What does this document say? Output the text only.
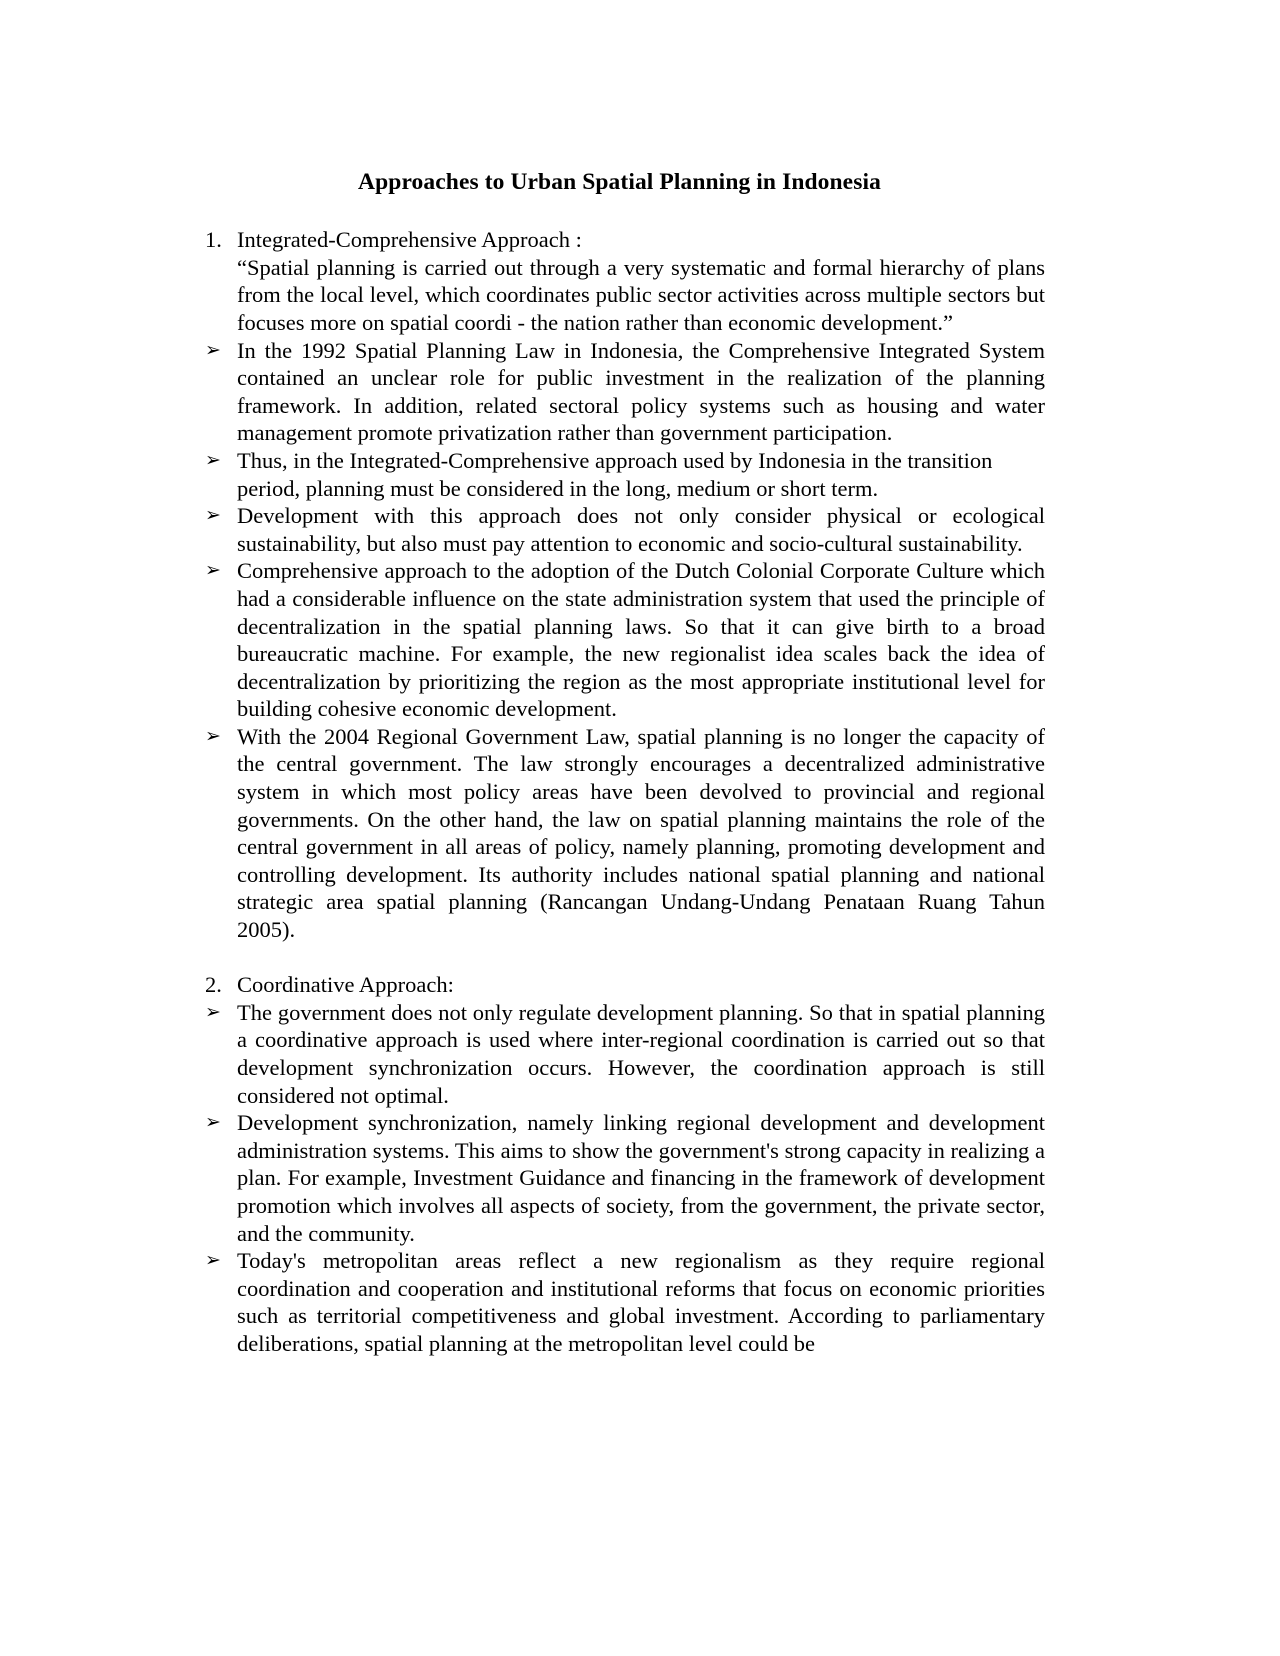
Approaches to Urban Spatial Planning in Indonesia
1. Integrated-Comprehensive Approach :
“Spatial planning is carried out through a very systematic and formal hierarchy of plans from the local level, which coordinates public sector activities across multiple sectors but focuses more on spatial coordi - the nation rather than economic development.”
➢ In the 1992 Spatial Planning Law in Indonesia, the Comprehensive Integrated System contained an unclear role for public investment in the realization of the planning framework. In addition, related sectoral policy systems such as housing and water management promote privatization rather than government participation.
➢ Thus, in the Integrated-Comprehensive approach used by Indonesia in the transition period, planning must be considered in the long, medium or short term.
➢ Development with this approach does not only consider physical or ecological sustainability, but also must pay attention to economic and socio-cultural sustainability.
➢ Comprehensive approach to the adoption of the Dutch Colonial Corporate Culture which had a considerable influence on the state administration system that used the principle of decentralization in the spatial planning laws. So that it can give birth to a broad bureaucratic machine. For example, the new regionalist idea scales back the idea of decentralization by prioritizing the region as the most appropriate institutional level for building cohesive economic development.
➢ With the 2004 Regional Government Law, spatial planning is no longer the capacity of the central government. The law strongly encourages a decentralized administrative system in which most policy areas have been devolved to provincial and regional governments. On the other hand, the law on spatial planning maintains the role of the central government in all areas of policy, namely planning, promoting development and controlling development. Its authority includes national spatial planning and national strategic area spatial planning (Rancangan Undang-Undang Penataan Ruang Tahun 2005).
2. Coordinative Approach:
➢ The government does not only regulate development planning. So that in spatial planning a coordinative approach is used where inter-regional coordination is carried out so that development synchronization occurs. However, the coordination approach is still considered not optimal.
➢ Development synchronization, namely linking regional development and development administration systems. This aims to show the government's strong capacity in realizing a plan. For example, Investment Guidance and financing in the framework of development promotion which involves all aspects of society, from the government, the private sector, and the community.
➢ Today's metropolitan areas reflect a new regionalism as they require regional coordination and cooperation and institutional reforms that focus on economic priorities such as territorial competitiveness and global investment. According to parliamentary deliberations, spatial planning at the metropolitan level could be
